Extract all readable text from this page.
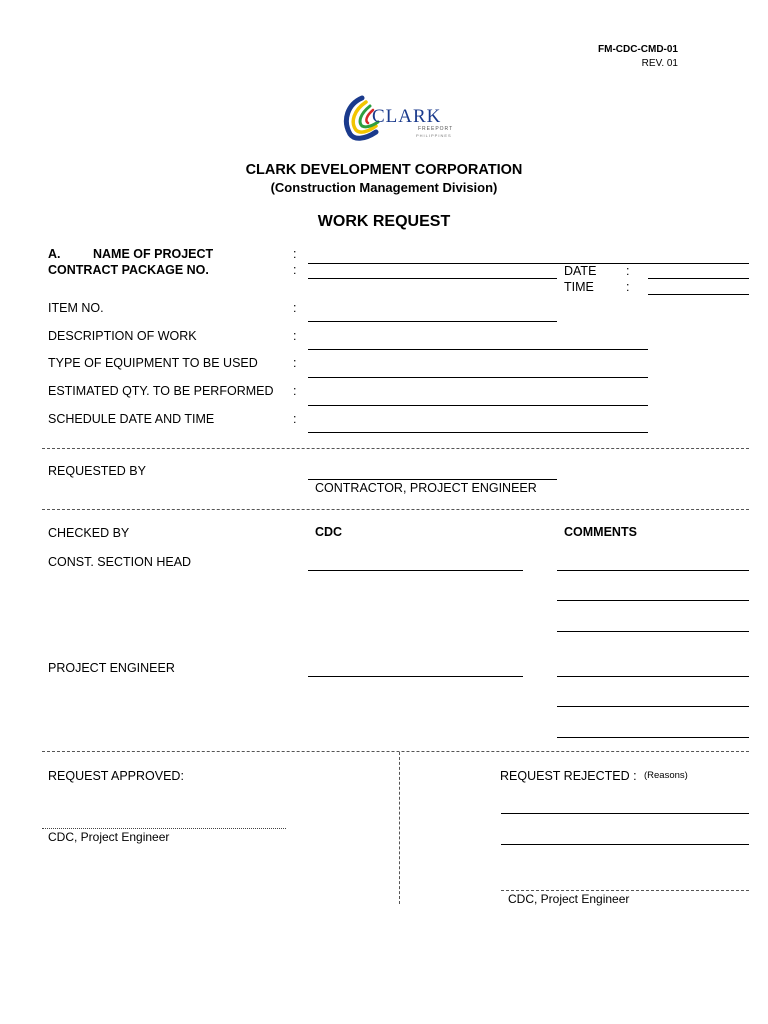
FM-CDC-CMD-01
REV. 01
CLARK
FREEPORT
PHILIPPINES
CLARK DEVELOPMENT CORPORATION
(Construction Management Division)
WORK REQUEST
A.	NAME OF PROJECT	:
CONTRACT PACKAGE NO.	:	DATE :
TIME	:
ITEM NO.	:
DESCRIPTION OF WORK	:
TYPE OF EQUIPMENT TO BE USED	:
ESTIMATED QTY. TO BE PERFORMED :
SCHEDULE DATE AND TIME	:
REQUESTED BY
CONTRACTOR, PROJECT ENGINEER
CHECKED BY	CDC	COMMENTS
CONST. SECTION HEAD
PROJECT ENGINEER
REQUEST APPROVED:
CDC, Project Engineer
REQUEST REJECTED : (Reasons)
CDC, Project Engineer
